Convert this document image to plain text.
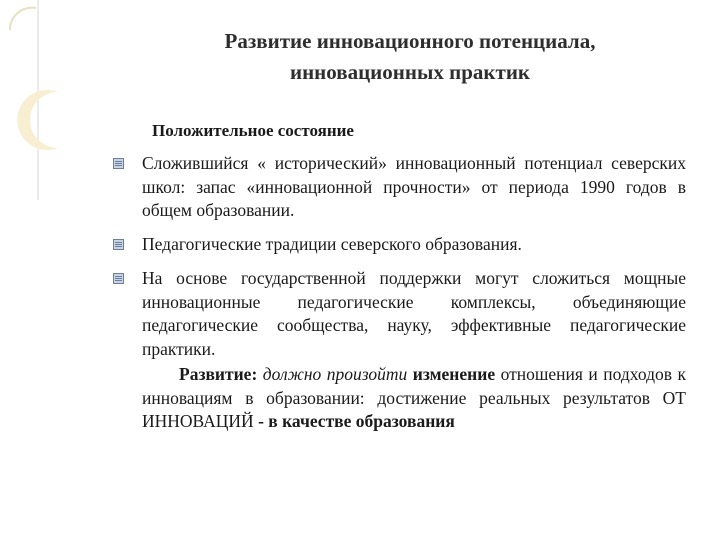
Развитие инновационного потенциала,
инновационных практик
Положительное состояние
Сложившийся « исторический» инновационный потенциал северских школ: запас «инновационной прочности» от периода 1990 годов в общем образовании.
Педагогические традиции северского образования.
На основе государственной поддержки могут сложиться мощные инновационные педагогические комплексы, объединяющие педагогические сообщества, науку, эффективные педагогические практики.
Развитие: должно произойти изменение отношения и подходов к инновациям в образовании: достижение реальных результатов ОТ ИННОВАЦИЙ - в качестве образования
